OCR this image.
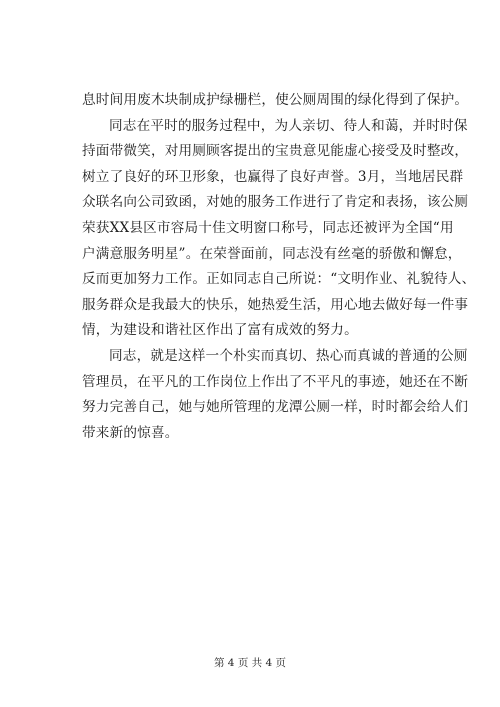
息时间用废木块制成护绿栅栏，使公厕周围的绿化得到了保护。
同志在平时的服务过程中，为人亲切、待人和蔼，并时时保
持面带微笑，对用厕顾客提出的宝贵意见能虚心接受及时整改，
树立了良好的环卫形象，也赢得了良好声誉。3月，当地居民群
众联名向公司致函，对她的服务工作进行了肯定和表扬，该公厕
荣获XX县区市容局十佳文明窗口称号，同志还被评为全国“用
户满意服务明星”。在荣誉面前，同志没有丝毫的骄傲和懈怠，
反而更加努力工作。正如同志自己所说：“文明作业、礼貌待人、
服务群众是我最大的快乐，她热爱生活，用心地去做好每一件事
情，为建设和谐社区作出了富有成效的努力。
同志，就是这样一个朴实而真切、热心而真诚的普通的公厕
管理员，在平凡的工作岗位上作出了不平凡的事迹，她还在不断
努力完善自己，她与她所管理的龙潭公厕一样，时时都会给人们
带来新的惊喜。
第 4 页 共 4 页
